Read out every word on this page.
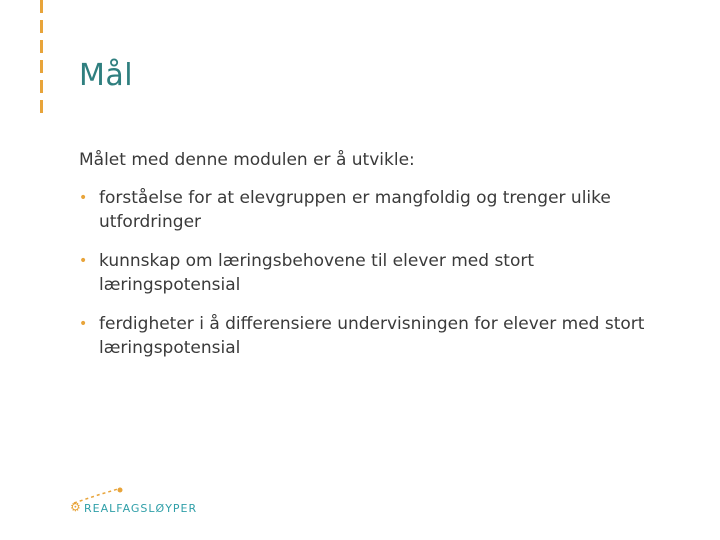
Mål

Målet med denne modulen er å utvikle:

• forståelse for at elevgruppen er mangfoldig og trenger ulike utfordringer
• kunnskap om læringsbehovene til elever med stort læringspotensial
• ferdigheter i å differensiere undervisningen for elever med stort læringspotensial
⚙ REALFAGSLØYPER
